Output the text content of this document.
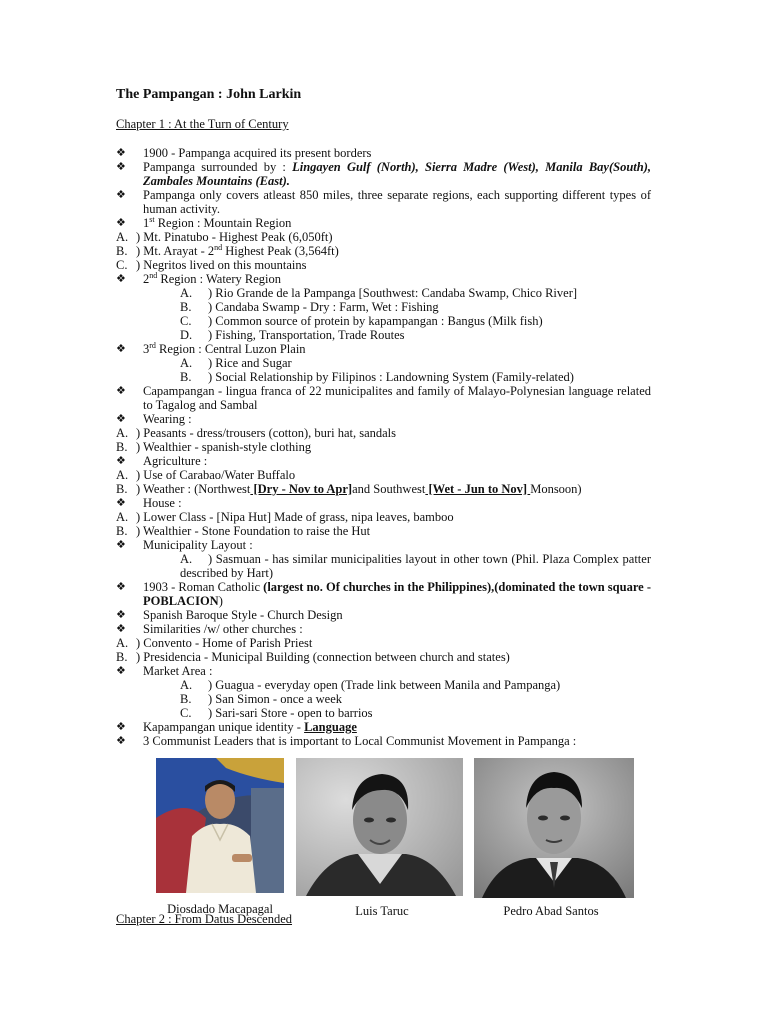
The Pampangan : John Larkin
Chapter 1 : At the Turn of Century
❖	1900 - Pampanga acquired its present borders
❖	Pampanga surrounded by : Lingayen Gulf (North), Sierra Madre (West), Manila Bay(South), Zambales Mountains (East).
❖	Pampanga only covers atleast 850 miles, three separate regions, each supporting different types of human activity.
❖	1st Region : Mountain Region
A. ) Mt. Pinatubo - Highest Peak (6,050ft)
B. ) Mt. Arayat - 2nd Highest Peak (3,564ft)
C. ) Negritos lived on this mountains
❖	2nd Region : Watery Region
A.	) Rio Grande de la Pampanga [Southwest: Candaba Swamp, Chico River]
B.	) Candaba Swamp - Dry : Farm, Wet : Fishing
C.	) Common source of protein by kapampangan : Bangus (Milk fish)
D.	) Fishing, Transportation, Trade Routes
❖	3rd Region : Central Luzon Plain
A.	) Rice and Sugar
B.	) Social Relationship by Filipinos : Landowning System (Family-related)
❖	Capampangan - lingua franca of 22 municipalites and family of Malayo-Polynesian language related to Tagalog and Sambal
❖	Wearing :
A. ) Peasants - dress/trousers (cotton), buri hat, sandals
B. ) Wealthier - spanish-style clothing
❖	Agriculture :
A. ) Use of Carabao/Water Buffalo
B. ) Weather : (Northwest [Dry - Nov to Apr]and Southwest [Wet - Jun to Nov] Monsoon)
❖	House :
A. ) Lower Class - [Nipa Hut] Made of grass, nipa leaves, bamboo
B. ) Wealthier - Stone Foundation to raise the Hut
❖	Municipality Layout :
A.	) Sasmuan - has similar municipalities layout in other town (Phil. Plaza Complex patter described by Hart)
❖	1903 - Roman Catholic (largest no. Of churches in the Philippines),(dominated the town square - POBLACION)
❖	Spanish Baroque Style - Church Design
❖	Similarities /w/ other churches :
A. ) Convento - Home of Parish Priest
B. ) Presidencia - Municipal Building (connection between church and states)
❖	Market Area :
A.	) Guagua - everyday open (Trade link between Manila and Pampanga)
B.	) San Simon - once a week
C.	) Sari-sari Store - open to barrios
❖	Kapampangan unique identity - Language
❖	3 Communist Leaders that is important to Local Communist Movement in Pampanga :
Diosdado Macapagal	Luis Taruc	Pedro Abad Santos
Chapter 2 : From Datus Descended
